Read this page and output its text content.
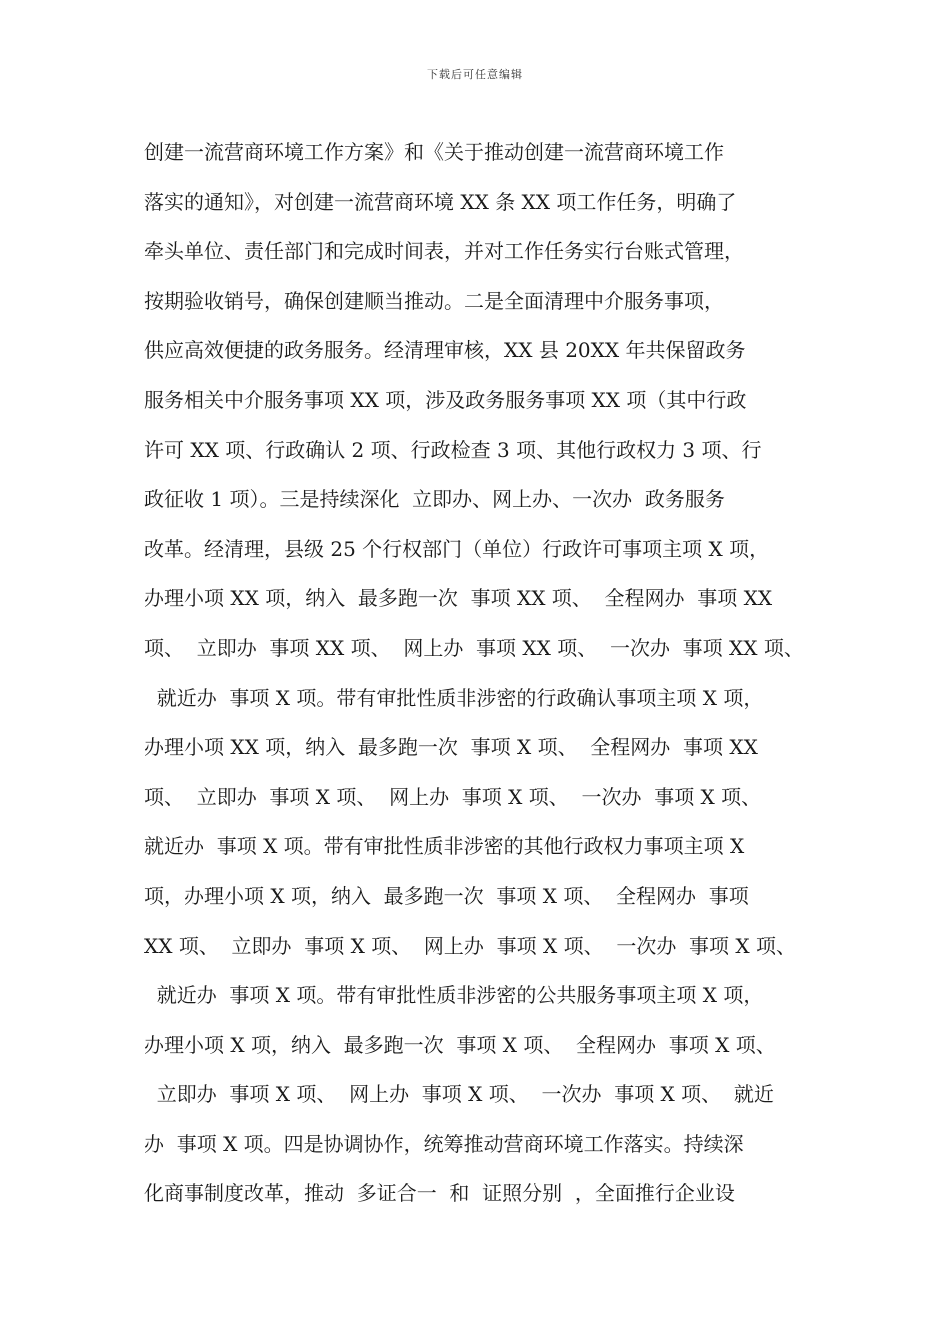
下载后可任意编辑
创建一流营商环境工作方案》和《关于推动创建一流营商环境工作
落实的通知》，对创建一流营商环境 XX 条 XX 项工作任务，明确了
牵头单位、责任部门和完成时间表，并对工作任务实行台账式管理，
按期验收销号，确保创建顺当推动。二是全面清理中介服务事项，
供应高效便捷的政务服务。经清理审核，XX 县 20XX 年共保留政务
服务相关中介服务事项 XX 项，涉及政务服务事项 XX 项（其中行政
许可 XX 项、行政确认 2 项、行政检查 3 项、其他行政权力 3 项、行
政征收 1 项）。三是持续深化  立即办、网上办、一次办  政务服务
改革。经清理，县级 25 个行权部门（单位）行政许可事项主项 X 项，
办理小项 XX 项，纳入  最多跑一次  事项 XX 项、  全程网办  事项 XX
项、  立即办  事项 XX 项、  网上办  事项 XX 项、  一次办  事项 XX 项、
就近办  事项 X 项。带有审批性质非涉密的行政确认事项主项 X 项，
办理小项 XX 项，纳入  最多跑一次  事项 X 项、  全程网办  事项 XX
项、  立即办  事项 X 项、  网上办  事项 X 项、  一次办  事项 X 项、
就近办  事项 X 项。带有审批性质非涉密的其他行政权力事项主项 X
项，办理小项 X 项，纳入  最多跑一次  事项 X 项、  全程网办  事项
XX 项、  立即办  事项 X 项、  网上办  事项 X 项、  一次办  事项 X 项、
就近办  事项 X 项。带有审批性质非涉密的公共服务事项主项 X 项，
办理小项 X 项，纳入  最多跑一次  事项 X 项、  全程网办  事项 X 项、
立即办  事项 X 项、  网上办  事项 X 项、  一次办  事项 X 项、  就近
办  事项 X 项。四是协调协作，统筹推动营商环境工作落实。持续深
化商事制度改革，推动  多证合一  和  证照分别  ，全面推行企业设
